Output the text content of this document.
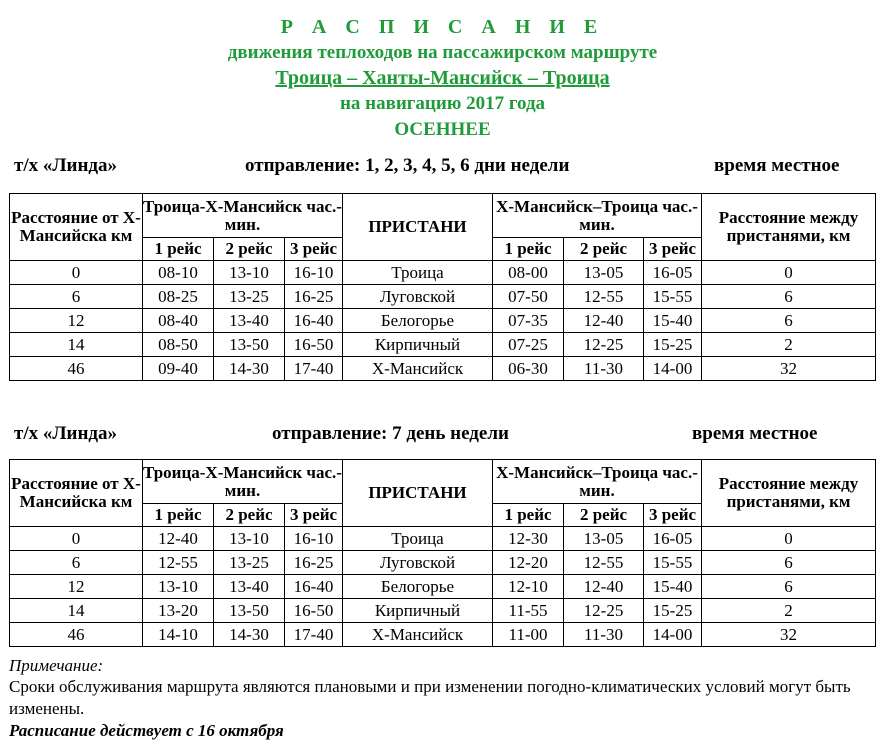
Р А С П И С А Н И Е
движения теплоходов на пассажирском маршруте
Троица – Ханты-Мансийск – Троица
на навигацию 2017 года
ОСЕННЕЕ
т/х «Линда»	отправление: 1, 2, 3, 4, 5, 6 дни недели	время местное
Расстояние от Х-Мансийска км	Троица-Х-Мансийск час.- мин.			ПРИСТАНИ	Х-Мансийск–Троица час.- мин.			Расстояние между пристанями, км

	1 рейс	2 рейс	3 рейс		1 рейс	2 рейс	3 рейс	
0	08-10	13-10	16-10	Троица	08-00	13-05	16-05	0
6	08-25	13-25	16-25	Луговской	07-50	12-55	15-55	6
12	08-40	13-40	16-40	Белогорье	07-35	12-40	15-40	6
14	08-50	13-50	16-50	Кирпичный	07-25	12-25	15-25	2
46	09-40	14-30	17-40	Х-Мансийск	06-30	11-30	14-00	32
т/х «Линда»	отправление: 7 день недели	время местное
Расстояние от Х-Мансийска км	Троица-Х-Мансийск час.- мин.			ПРИСТАНИ	Х-Мансийск–Троица час.- мин.			Расстояние между пристанями, км

	1 рейс	2 рейс	3 рейс		1 рейс	2 рейс	3 рейс	
0	12-40	13-10	16-10	Троица	12-30	13-05	16-05	0
6	12-55	13-25	16-25	Луговской	12-20	12-55	15-55	6
12	13-10	13-40	16-40	Белогорье	12-10	12-40	15-40	6
14	13-20	13-50	16-50	Кирпичный	11-55	12-25	15-25	2
46	14-10	14-30	17-40	Х-Мансийск	11-00	11-30	14-00	32
Примечание:
Сроки обслуживания маршрута являются плановыми и при изменении погодно-климатических условий могут быть изменены.
Расписание действует с 16 октября
